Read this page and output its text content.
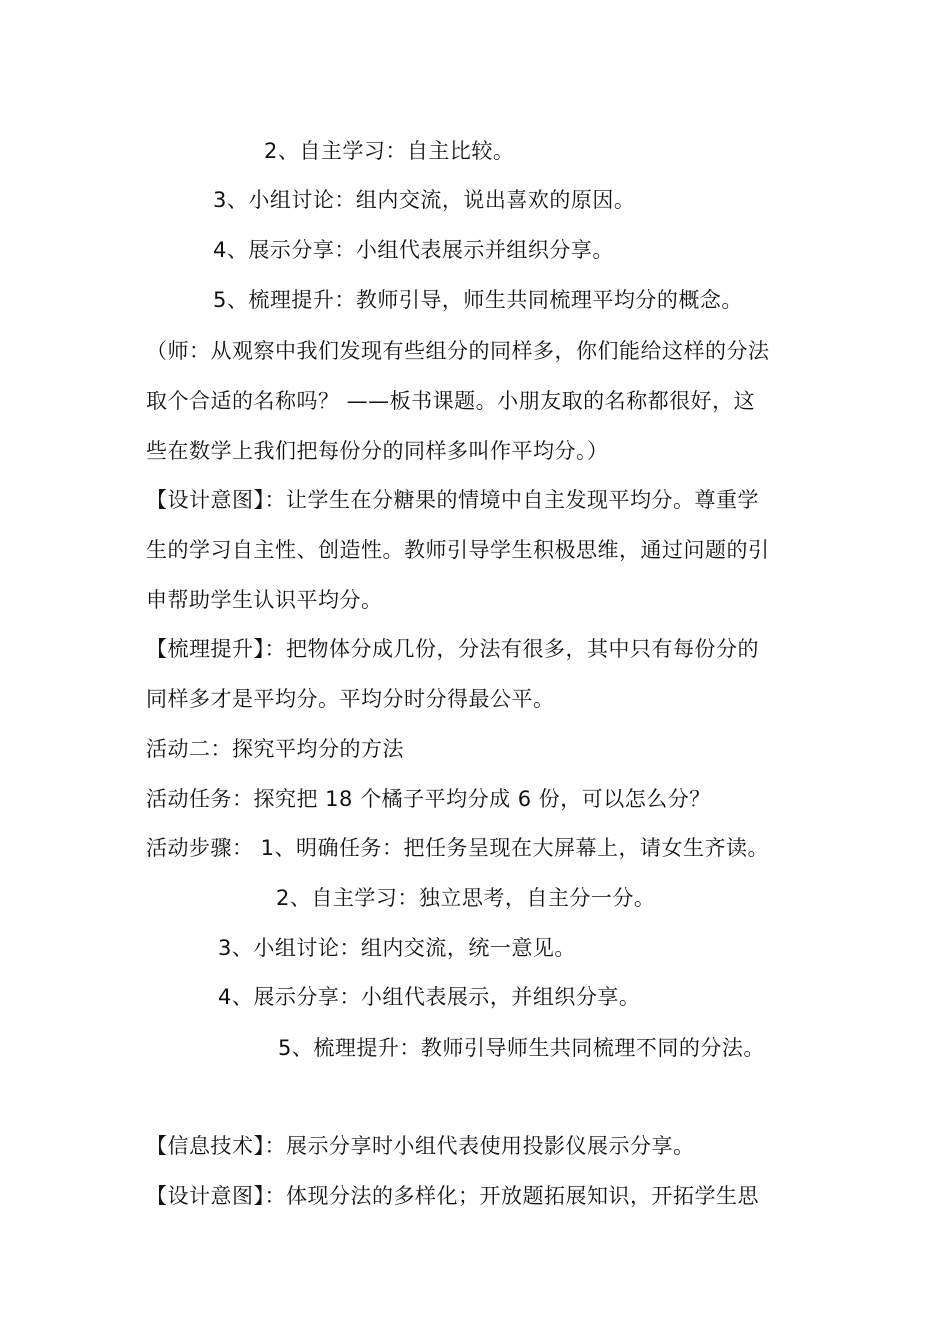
2、自主学习：自主比较。
3、小组讨论：组内交流，说出喜欢的原因。
4、展示分享：小组代表展示并组织分享。
5、梳理提升：教师引导，师生共同梳理平均分的概念。
（师：从观察中我们发现有些组分的同样多，你们能给这样的分法
取个合适的名称吗？ ——板书课题。小朋友取的名称都很好，这
些在数学上我们把每份分的同样多叫作平均分。）
【设计意图】：让学生在分糖果的情境中自主发现平均分。尊重学
生的学习自主性、创造性。教师引导学生积极思维，通过问题的引
申帮助学生认识平均分。
【梳理提升】：把物体分成几份，分法有很多，其中只有每份分的
同样多才是平均分。平均分时分得最公平。
活动二：探究平均分的方法
活动任务：探究把 18 个橘子平均分成 6 份，可以怎么分？
活动步骤： 1、明确任务：把任务呈现在大屏幕上，请女生齐读。
2、自主学习：独立思考，自主分一分。
3、小组讨论：组内交流，统一意见。
4、展示分享：小组代表展示，并组织分享。
5、梳理提升：教师引导师生共同梳理不同的分法。
【信息技术】：展示分享时小组代表使用投影仪展示分享。
【设计意图】：体现分法的多样化；开放题拓展知识，开拓学生思
